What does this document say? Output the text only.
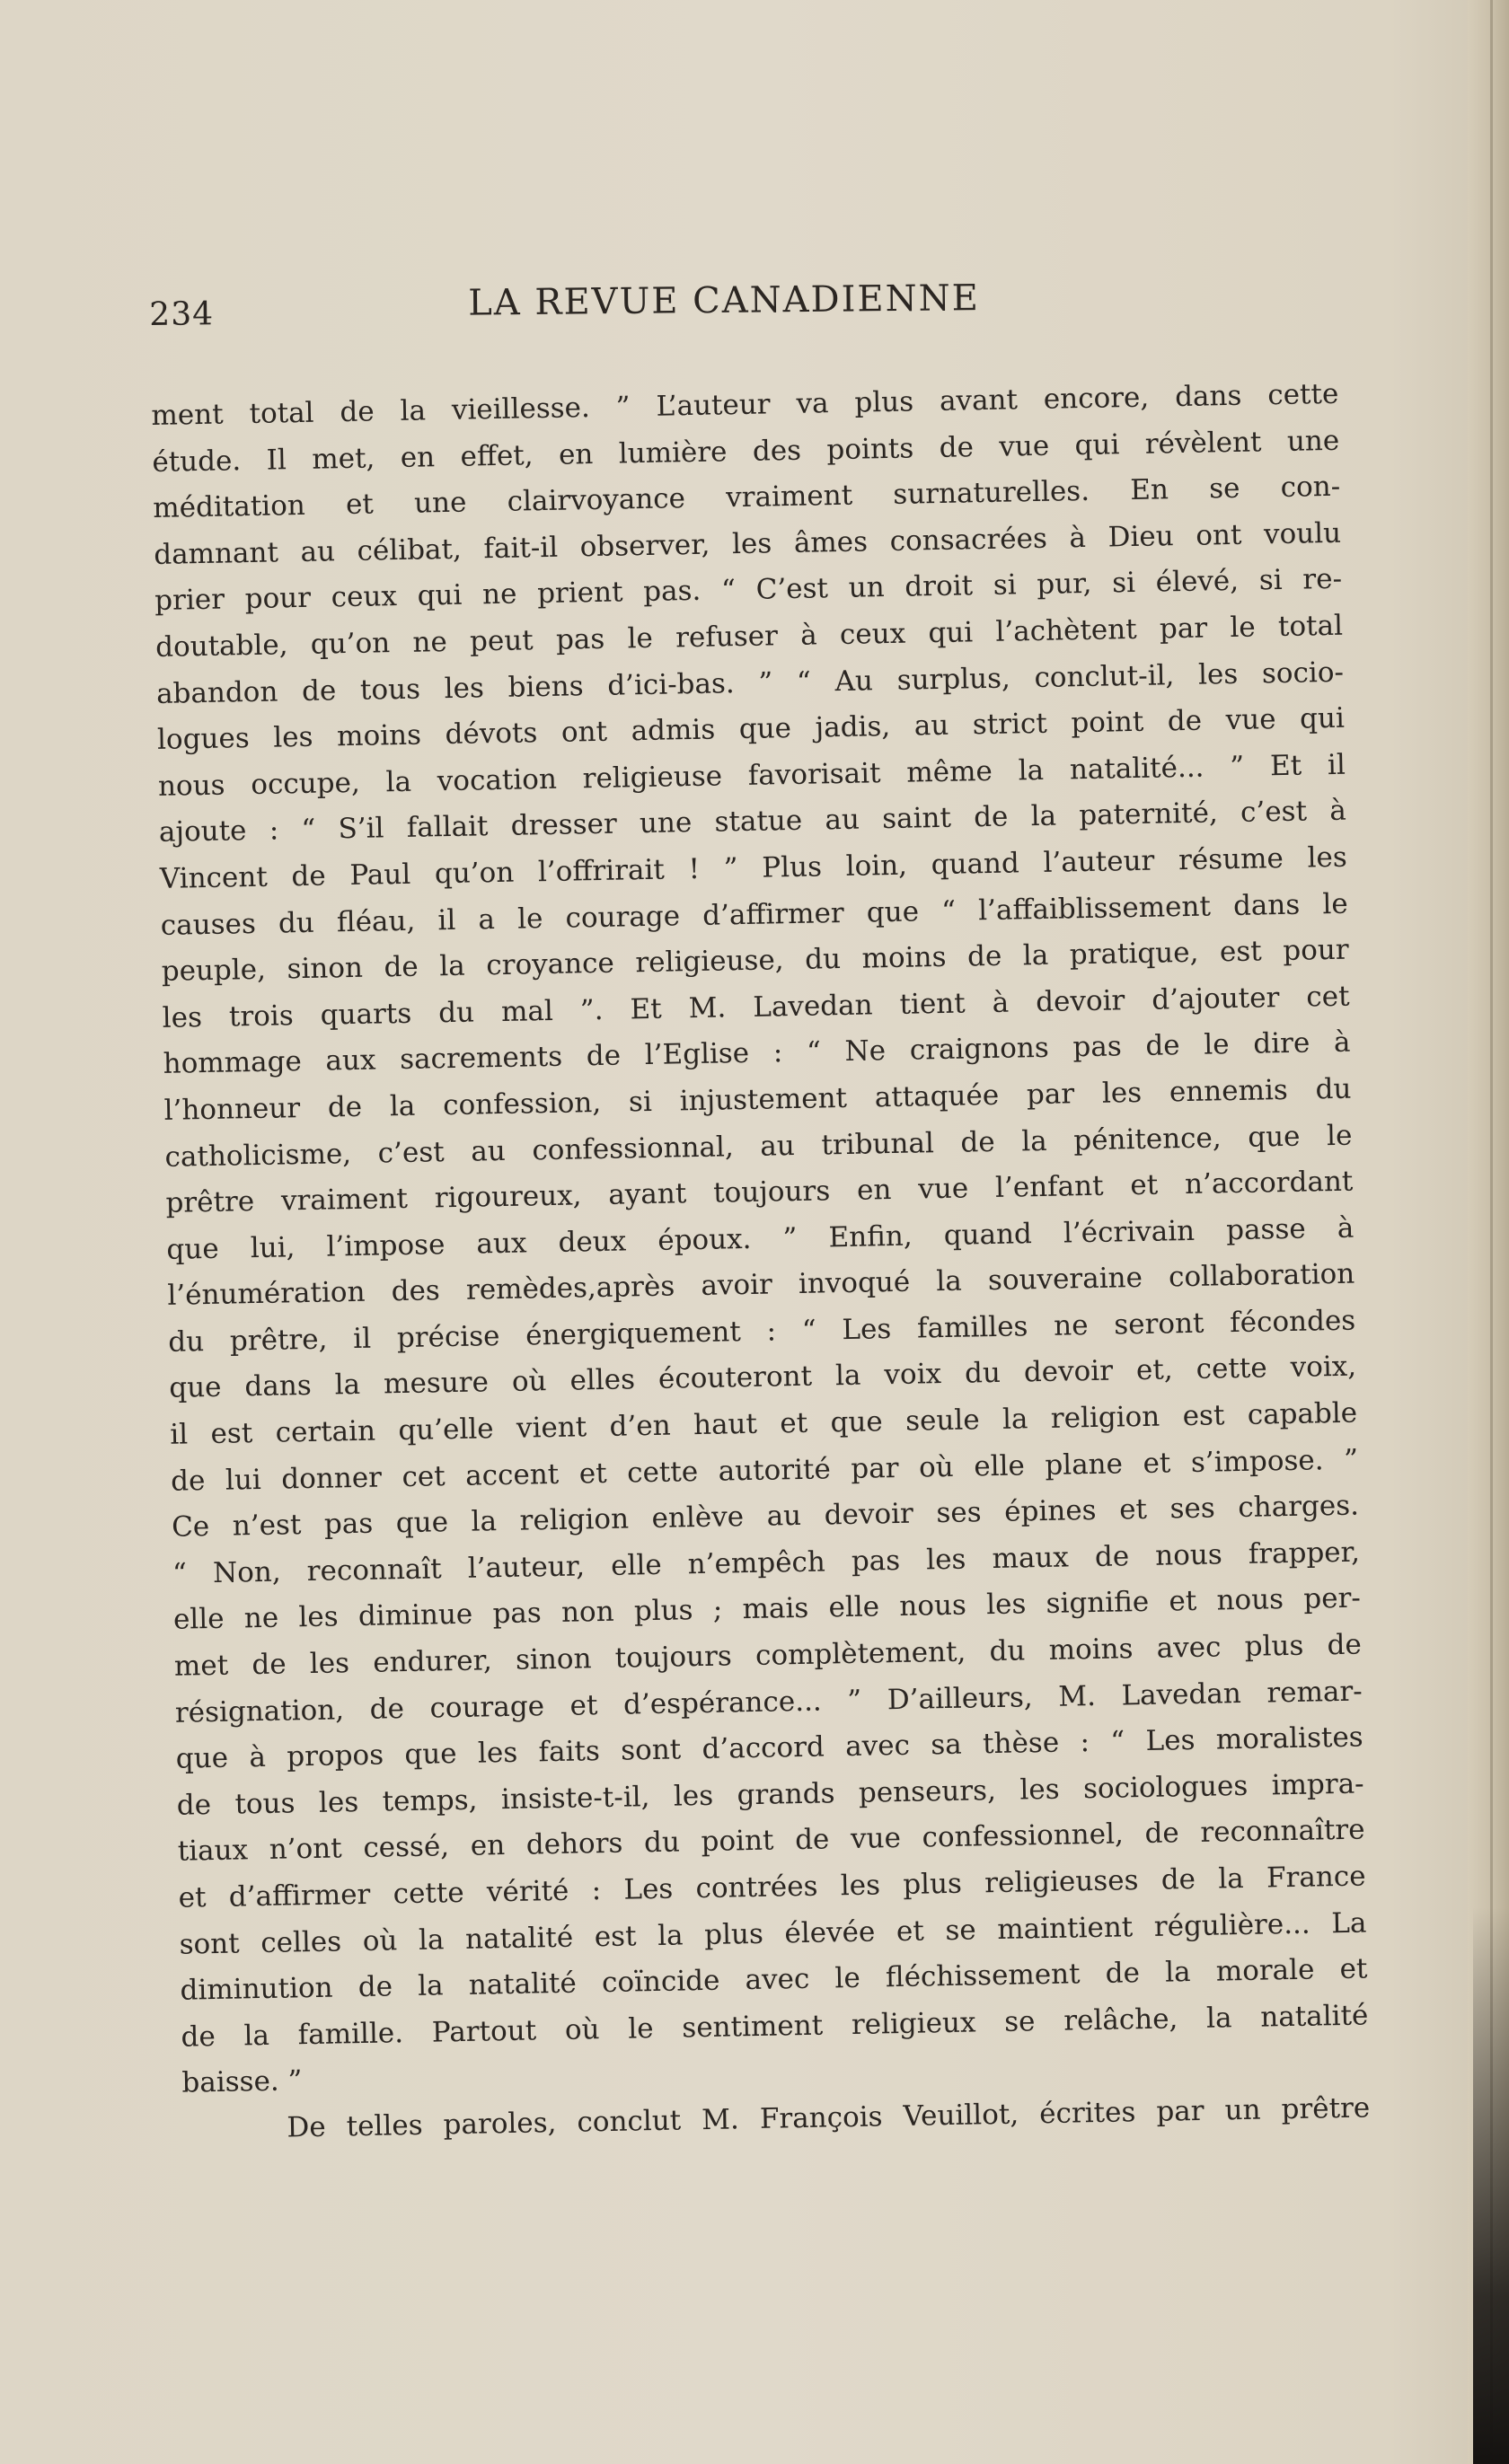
234	LA REVUE CANADIENNE
ment total de la vieillesse. ” L’auteur va plus avant encore, dans cette
étude. Il met, en effet, en lumière des points de vue qui révèlent une
méditation et une clairvoyance vraiment surnaturelles. En se con-
damnant au célibat, fait-il observer, les âmes consacrées à Dieu ont voulu
prier pour ceux qui ne prient pas. “ C’est un droit si pur, si élevé, si re-
doutable, qu’on ne peut pas le refuser à ceux qui l’achètent par le total
abandon de tous les biens d’ici-bas. ” “ Au surplus, conclut-il, les socio-
logues les moins dévots ont admis que jadis, au strict point de vue qui
nous occupe, la vocation religieuse favorisait même la natalité... ” Et il
ajoute : “ S’il fallait dresser une statue au saint de la paternité, c’est à
Vincent de Paul qu’on l’offrirait ! ” Plus loin, quand l’auteur résume les
causes du fléau, il a le courage d’affirmer que “ l’affaiblissement dans le
peuple, sinon de la croyance religieuse, du moins de la pratique, est pour
les trois quarts du mal ”. Et M. Lavedan tient à devoir d’ajouter cet
hommage aux sacrements de l’Eglise : “ Ne craignons pas de le dire à
l’honneur de la confession, si injustement attaquée par les ennemis du
catholicisme, c’est au confessionnal, au tribunal de la pénitence, que le
prêtre vraiment rigoureux, ayant toujours en vue l’enfant et n’accordant
que lui, l’impose aux deux époux. ” Enfin, quand l’écrivain passe à
l’énumération des remèdes,après avoir invoqué la souveraine collaboration
du prêtre, il précise énergiquement : “ Les familles ne seront fécondes
que dans la mesure où elles écouteront la voix du devoir et, cette voix,
il est certain qu’elle vient d’en haut et que seule la religion est capable
de lui donner cet accent et cette autorité par où elle plane et s’impose. ”
Ce n’est pas que la religion enlève au devoir ses épines et ses charges.
“ Non, reconnaît l’auteur, elle n’empêch pas les maux de nous frapper,
elle ne les diminue pas non plus ; mais elle nous les signifie et nous per-
met de les endurer, sinon toujours complètement, du moins avec plus de
résignation, de courage et d’espérance... ” D’ailleurs, M. Lavedan remar-
que à propos que les faits sont d’accord avec sa thèse : “ Les moralistes
de tous les temps, insiste-t-il, les grands penseurs, les sociologues impra-
tiaux n’ont cessé, en dehors du point de vue confessionnel, de reconnaître
et d’affirmer cette vérité : Les contrées les plus religieuses de la France
sont celles où la natalité est la plus élevée et se maintient régulière... La
diminution de la natalité coïncide avec le fléchissement de la morale et
de la famille. Partout où le sentiment religieux se relâche, la natalité
baisse. ”
De telles paroles, conclut M. François Veuillot, écrites par un prêtre
